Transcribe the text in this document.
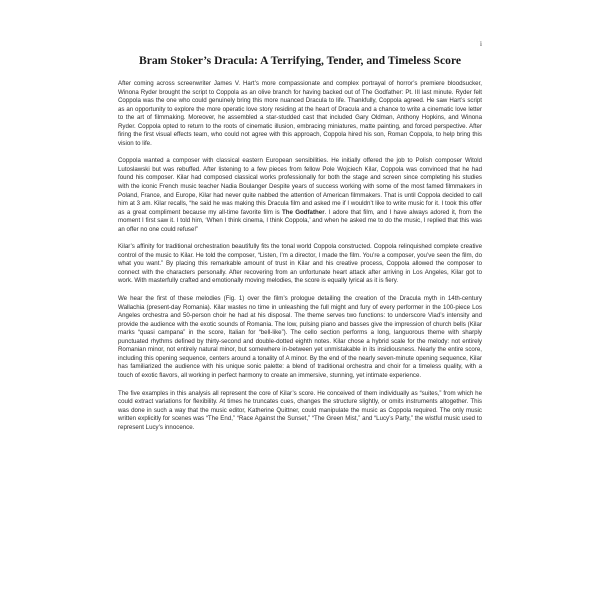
i
Bram Stoker’s Dracula: A Terrifying, Tender, and Timeless Score

After coming across screenwriter James V. Hart’s more compassionate and complex portrayal of horror’s premiere bloodsucker, Winona Ryder brought the script to Coppola as an olive branch for having backed out of The Godfather: Pt. III last minute. Ryder felt Coppola was the one who could genuinely bring this more nuanced Dracula to life. Thankfully, Coppola agreed. He saw Hart’s script as an opportunity to explore the more operatic love story residing at the heart of Dracula and a chance to write a cinematic love letter to the art of filmmaking. Moreover, he assembled a star-studded cast that included Gary Oldman, Anthony Hopkins, and Winona Ryder. Coppola opted to return to the roots of cinematic illusion, embracing miniatures, matte painting, and forced perspective. After firing the first visual effects team, who could not agree with this approach, Coppola hired his son, Roman Coppola, to help bring this vision to life.

Coppola wanted a composer with classical eastern European sensibilities. He initially offered the job to Polish composer Witold Lutoslawski but was rebuffed. After listening to a few pieces from fellow Pole Wojciech Kilar, Coppola was convinced that he had found his composer. Kilar had composed classical works professionally for both the stage and screen since completing his studies with the iconic French music teacher Nadia Boulanger Despite years of success working with some of the most famed filmmakers in Poland, France, and Europe, Kilar had never quite nabbed the attention of American filmmakers. That is until Coppola decided to call him at 3 am. Kilar recalls, “he said he was making this Dracula film and asked me if I wouldn’t like to write music for it. I took this offer as a great compliment because my all-time favorite film is The Godfather. I adore that film, and I have always adored it, from the moment I first saw it. I told him, ‘When I think cinema, I think Coppola,’ and when he asked me to do the music, I replied that this was an offer no one could refuse!”

Kilar’s affinity for traditional orchestration beautifully fits the tonal world Coppola constructed. Coppola relinquished complete creative control of the music to Kilar. He told the composer, “Listen, I’m a director, I made the film. You’re a composer, you’ve seen the film, do what you want.” By placing this remarkable amount of trust in Kilar and his creative process, Coppola allowed the composer to connect with the characters personally. After recovering from an unfortunate heart attack after arriving in Los Angeles, Kilar got to work. With masterfully crafted and emotionally moving melodies, the score is equally lyrical as it is fiery.

We hear the first of these melodies (Fig. 1) over the film’s prologue detailing the creation of the Dracula myth in 14th-century Wallachia (present-day Romania). Kilar wastes no time in unleashing the full might and fury of every performer in the 100-piece Los Angeles orchestra and 50-person choir he had at his disposal. The theme serves two functions: to underscore Vlad’s intensity and provide the audience with the exotic sounds of Romania. The low, pulsing piano and basses give the impression of church bells (Kilar marks “quasi campana” in the score, Italian for “bell-like”). The cello section performs a long, languorous theme with sharply punctuated rhythms defined by thirty-second and double-dotted eighth notes. Kilar chose a hybrid scale for the melody: not entirely Romanian minor, not entirely natural minor, but somewhere in-between yet unmistakable in its insidiousness. Nearly the entire score, including this opening sequence, centers around a tonality of A minor. By the end of the nearly seven-minute opening sequence, Kilar has familiarized the audience with his unique sonic palette: a blend of traditional orchestra and choir for a timeless quality, with a touch of exotic flavors, all working in perfect harmony to create an immersive, stunning, yet intimate experience.

The five examples in this analysis all represent the core of Kilar’s score. He conceived of them individually as “suites,” from which he could extract variations for flexibility. At times he truncates cues, changes the structure slightly, or omits instruments altogether. This was done in such a way that the music editor, Katherine Quittner, could manipulate the music as Coppola required. The only music written explicitly for scenes was “The End,” “Race Against the Sunset,” “The Green Mist,” and “Lucy’s Party,” the wistful music used to represent Lucy’s innocence.
